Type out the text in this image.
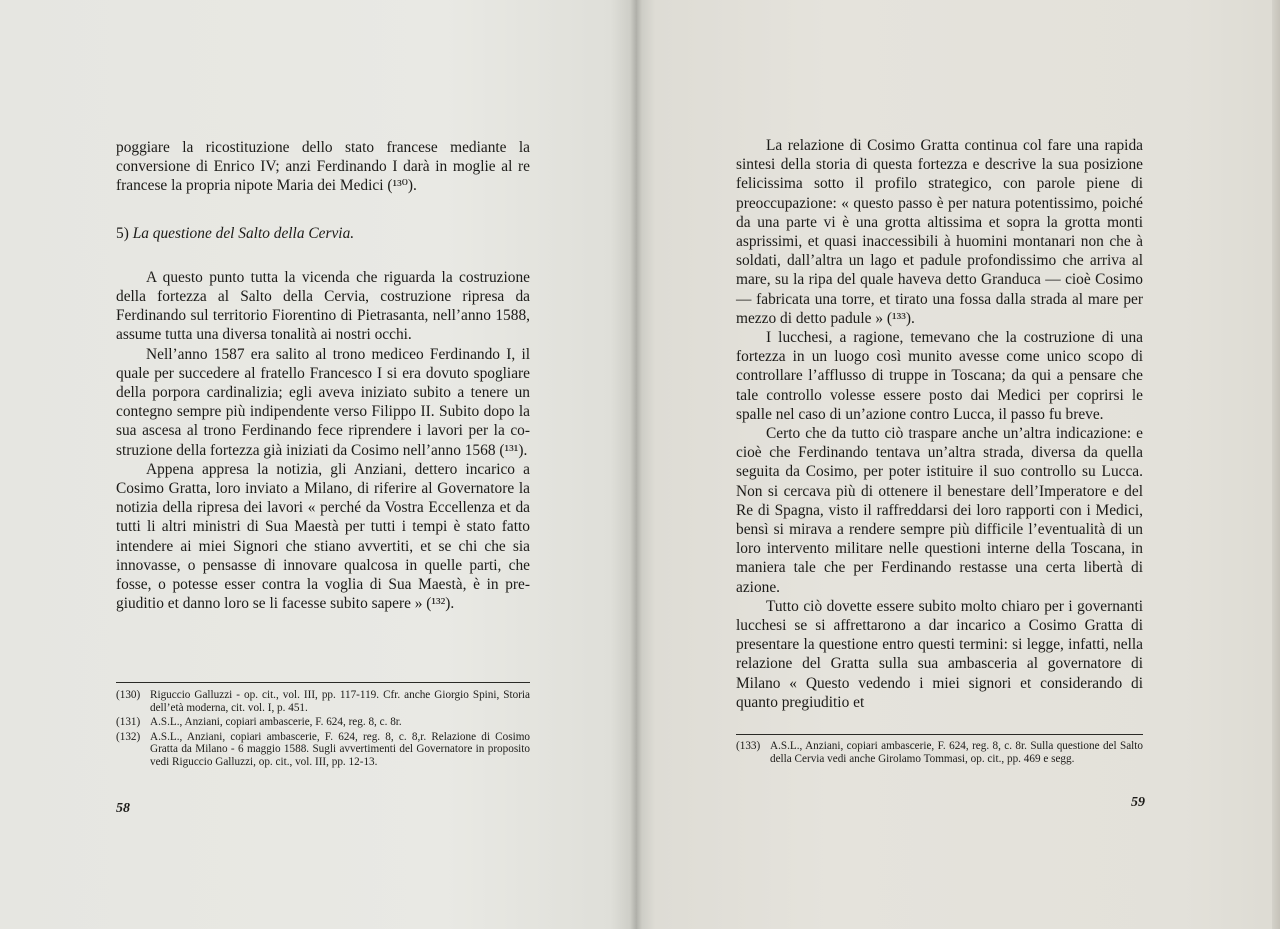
poggiare la ricostituzione dello stato francese mediante la conversione di Enrico IV; anzi Ferdinando I darà in moglie al re francese la propria nipote Maria dei Medici (¹³⁰).

5) La questione del Salto della Cervia.

A questo punto tutta la vicenda che riguarda la costruzione della fortezza al Salto della Cervia, costruzione ripresa da Ferdinando sul territorio Fiorentino di Pietrasanta, nell’anno 1588, assume tutta una diversa tonalità ai nostri occhi.

Nell’anno 1587 era salito al trono mediceo Ferdinando I, il quale per succedere al fratello Francesco I si era dovuto spogliare della porpora cardinalizia; egli aveva iniziato subito a tenere un contegno sempre più indipendente verso Filippo II. Subito dopo la sua ascesa al trono Ferdinando fece riprendere i lavori per la costruzione della fortezza già iniziati da Cosimo nell’anno 1568 (¹³¹).

Appena appresa la notizia, gli Anziani, dettero incarico a Cosimo Gratta, loro inviato a Milano, di riferire al Governatore la notizia della ripresa dei lavori « perché da Vostra Eccellenza et da tutti li altri ministri di Sua Maestà per tutti i tempi è stato fatto intendere ai miei Signori che stiano avvertiti, et se chi che sia innovasse, o pensasse di innovare qualcosa in quelle parti, che fosse, o potesse esser contra la voglia di Sua Maestà, è in pregiuditio et danno loro se li facesse subito sapere » (¹³²).

(130) Riguccio Galluzzi - op. cit., vol. III, pp. 117-119. Cfr. anche Giorgio Spini, Storia dell’età moderna, cit. vol. I, p. 451.

(131) A.S.L., Anziani, copiari ambascerie, F. 624, reg. 8, c. 8r.

(132) A.S.L., Anziani, copiari ambascerie, F. 624, reg. 8, c. 8,r. Relazione di Cosimo Gratta da Milano - 6 maggio 1588. Sugli avvertimenti del Governatore in proposito vedi Riguccio Galluzzi, op. cit., vol. III, pp. 12-13.

58

La relazione di Cosimo Gratta continua col fare una rapida sintesi della storia di questa fortezza e descrive la sua posizione felicissima sotto il profilo strategico, con parole piene di preoccupazione: « questo passo è per natura potentissimo, poiché da una parte vi è una grotta altissima et sopra la grotta monti asprissimi, et quasi inaccessibili à huomini montanari non che à soldati, dall’altra un lago et padule profondissimo che arriva al mare, su la ripa del quale haveva detto Granduca — cioè Cosimo — fabricata una torre, et tirato una fossa dalla strada al mare per mezzo di detto padule » (¹³³).

I lucchesi, a ragione, temevano che la costruzione di una fortezza in un luogo così munito avesse come unico scopo di controllare l’afflusso di truppe in Toscana; da qui a pensare che tale controllo volesse essere posto dai Medici per coprirsi le spalle nel caso di un’azione contro Lucca, il passo fu breve.

Certo che da tutto ciò traspare anche un’altra indicazione: e cioè che Ferdinando tentava un’altra strada, diversa da quella seguita da Cosimo, per poter istituire il suo controllo su Lucca. Non si cercava più di ottenere il benestare dell’Imperatore e del Re di Spagna, visto il raffreddarsi dei loro rapporti con i Medici, bensì si mirava a rendere sempre più difficile l’eventualità di un loro intervento militare nelle questioni interne della Toscana, in maniera tale che per Ferdinando restasse una certa libertà di azione.

Tutto ciò dovette essere subito molto chiaro per i governanti lucchesi se si affrettarono a dar incarico a Cosimo Gratta di presentare la questione entro questi termini: si legge, infatti, nella relazione del Gratta sulla sua ambasceria al governatore di Milano « Questo vedendo i miei signori et considerando di quanto pregiuditio et

(133) A.S.L., Anziani, copiari ambascerie, F. 624, reg. 8, c. 8r. Sulla questione del Salto della Cervia vedi anche Girolamo Tommasi, op. cit., pp. 469 e segg.

59
